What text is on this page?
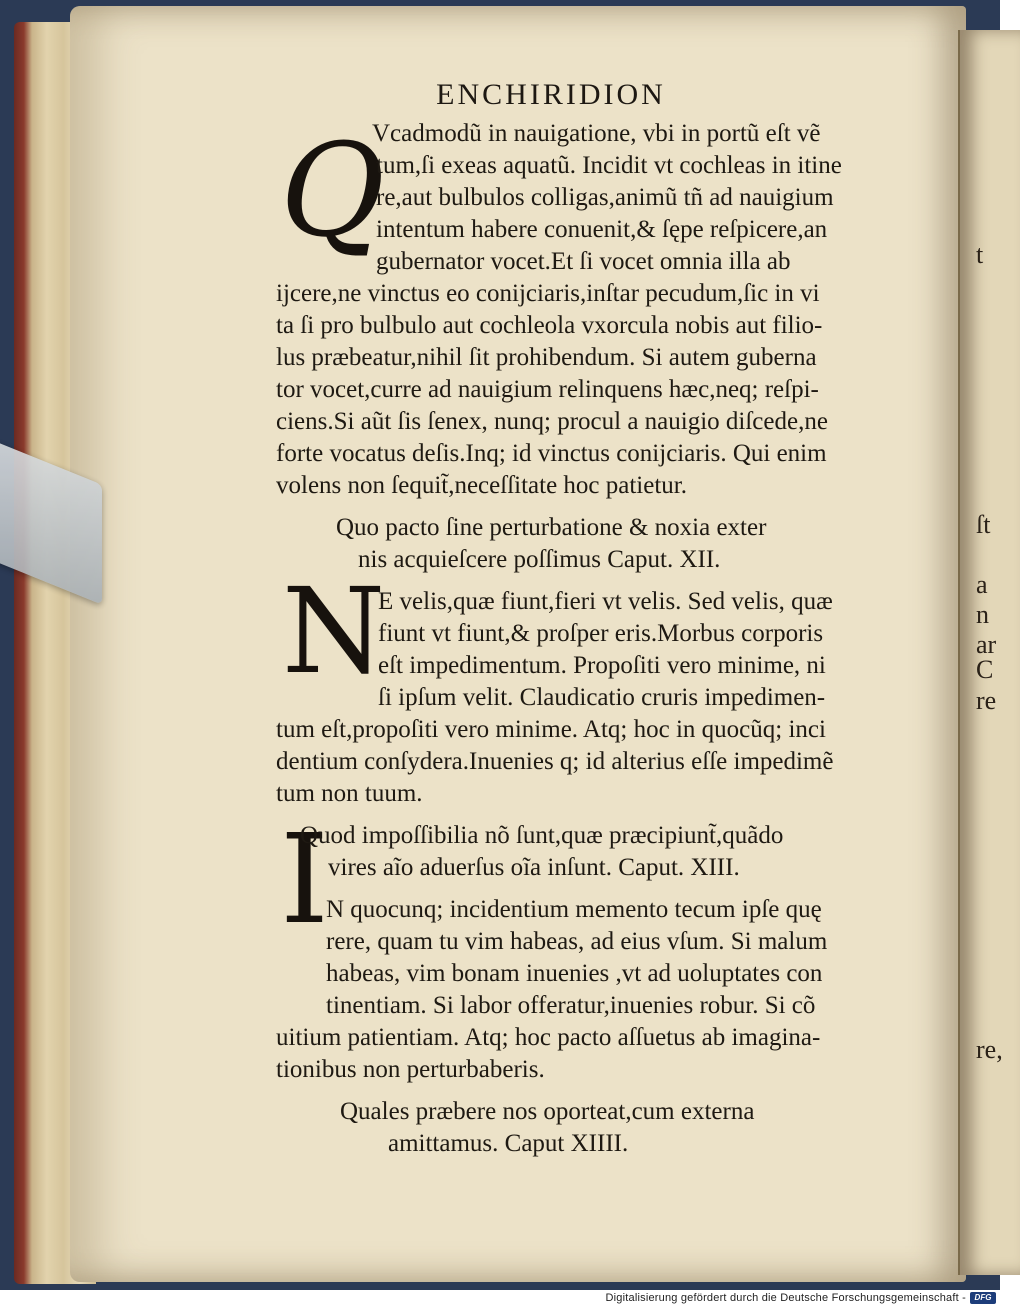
ſt
a
n
ar
C
re
re,
t
ENCHIRIDION
Q
N
I
Vcadmodũ in nauigatione, vbi in portũ eſt vẽ
tum,ſi exeas aquatũ. Incidit vt cochleas in itine
re,aut bulbulos colligas,animũ tñ ad nauigium
intentum habere conuenit,& ſępe reſpicere,an
gubernator vocet.Et ſi vocet omnia illa ab
ijcere,ne vinctus eo conijciaris,inſtar pecudum,ſic in vi
ta ſi pro bulbulo aut cochleola vxorcula nobis aut filio-
lus præbeatur,nihil ſit prohibendum. Si autem guberna
tor vocet,curre ad nauigium relinquens hæc,neq; reſpi-
ciens.Si aũt ſis ſenex, nunq; procul a nauigio diſcede,ne
forte vocatus deſis.Inq; id vinctus conijciaris. Qui enim
volens non ſequit̃,neceſſitate hoc patietur.
Quo pacto ſine perturbatione & noxia exter
nis acquieſcere poſſimus Caput. XII.
E velis,quæ fiunt,fieri vt velis. Sed velis, quæ
fiunt vt fiunt,& proſper eris.Morbus corporis
eſt impedimentum. Propoſiti vero minime, ni
ſi ipſum velit. Claudicatio cruris impedimen-
tum eſt,propoſiti vero minime. Atq; hoc in quocũq; inci
dentium conſydera.Inuenies q; id alterius eſſe impedimẽ
tum non tuum.
Quod impoſſibilia nõ ſunt,quæ præcipiunt̃,quãdo
vires aĩo aduerſus oĩa inſunt. Caput. XIII.
N quocunq; incidentium memento tecum ipſe quę
rere, quam tu vim habeas, ad eius vſum. Si malum
habeas, vim bonam inuenies ,vt ad uoluptates con
tinentiam. Si labor offeratur,inuenies robur. Si cõ
uitium patientiam. Atq; hoc pacto aſſuetus ab imagina-
tionibus non perturbaberis.
Quales præbere nos oporteat,cum externa
amittamus. Caput XIIII.
Digitalisierung gefördert durch die Deutsche Forschungsgemeinschaft -	DFG
